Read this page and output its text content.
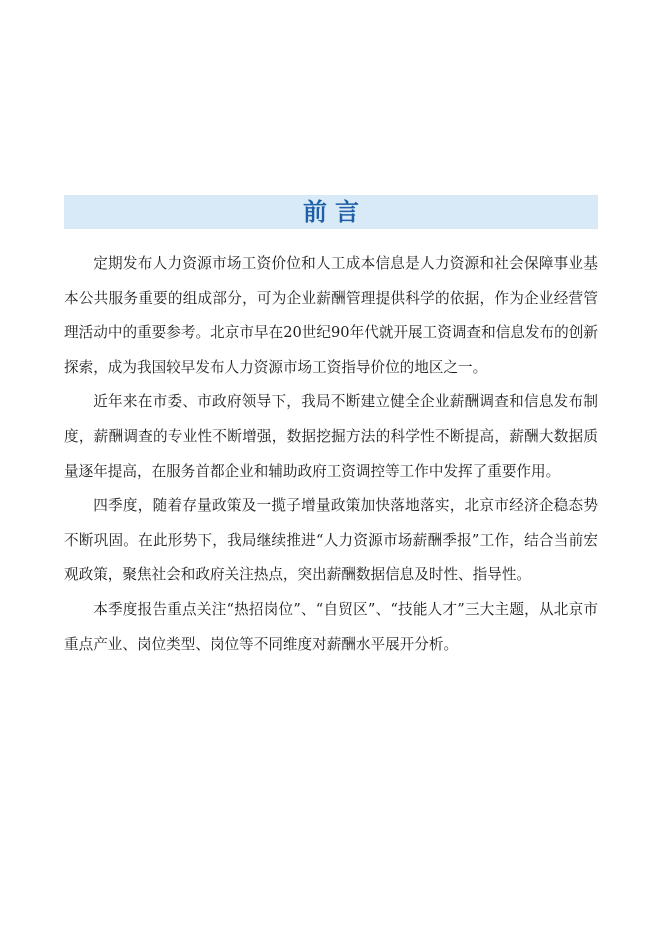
前言

定期发布人力资源市场工资价位和人工成本信息是人力资源和社会保障事业基本公共服务重要的组成部分，可为企业薪酬管理提供科学的依据，作为企业经营管理活动中的重要参考。北京市早在20世纪90年代就开展工资调查和信息发布的创新探索，成为我国较早发布人力资源市场工资指导价位的地区之一。

近年来在市委、市政府领导下，我局不断建立健全企业薪酬调查和信息发布制度，薪酬调查的专业性不断增强，数据挖掘方法的科学性不断提高，薪酬大数据质量逐年提高，在服务首都企业和辅助政府工资调控等工作中发挥了重要作用。

四季度，随着存量政策及一揽子增量政策加快落地落实，北京市经济企稳态势不断巩固。在此形势下，我局继续推进“人力资源市场薪酬季报”工作，结合当前宏观政策，聚焦社会和政府关注热点，突出薪酬数据信息及时性、指导性。

本季度报告重点关注“热招岗位”、“自贸区”、“技能人才”三大主题，从北京市重点产业、岗位类型、岗位等不同维度对薪酬水平展开分析。
